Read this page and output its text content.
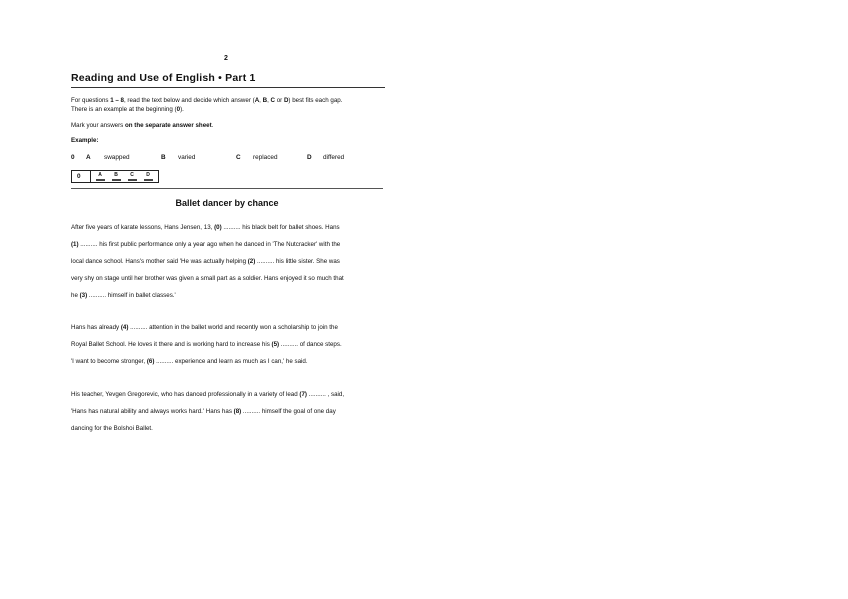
2
Reading and Use of English • Part 1
For questions 1 – 8, read the text below and decide which answer (A, B, C or D) best fits each gap.
There is an example at the beginning (0).
Mark your answers on the separate answer sheet.
Example:
0 A swapped	B varied	C replaced	D differed
0	A	B	C	D
Ballet dancer by chance
After five years of karate lessons, Hans Jensen, 13, (0) .......... his black belt for ballet shoes. Hans
(1) .......... his first public performance only a year ago when he danced in 'The Nutcracker' with the
local dance school. Hans's mother said 'He was actually helping (2) .......... his little sister. She was
very shy on stage until her brother was given a small part as a soldier. Hans enjoyed it so much that
he (3) .......... himself in ballet classes.'
Hans has already (4) .......... attention in the ballet world and recently won a scholarship to join the
Royal Ballet School. He loves it there and is working hard to increase his (5) .......... of dance steps.
'I want to become stronger, (6) .......... experience and learn as much as I can,' he said.
His teacher, Yevgen Gregorevic, who has danced professionally in a variety of lead (7) .......... , said,
'Hans has natural ability and always works hard.' Hans has (8) .......... himself the goal of one day
dancing for the Bolshoi Ballet.
